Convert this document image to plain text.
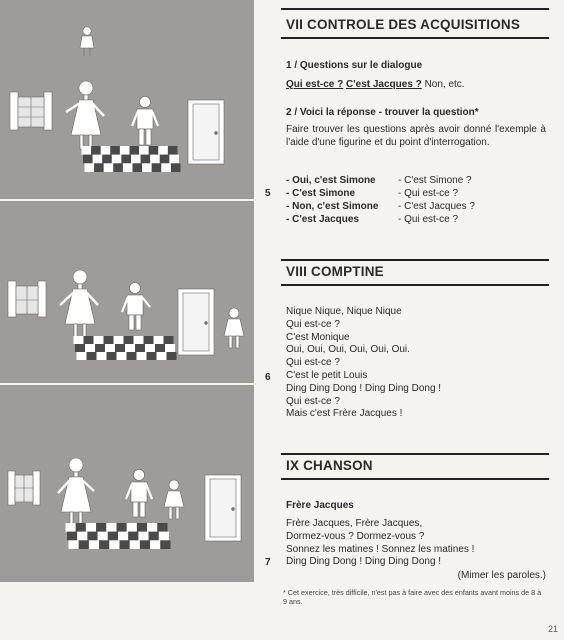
VII CONTROLE DES ACQUISITIONS
1 / Questions sur le dialogue
Qui est-ce ? C'est Jacques ? Non, etc.
2 / Voici la réponse - trouver la question*
Faire trouver les questions après avoir donné l'exemple à l'aide d'une figurine et du point d'interrogation.
5
- Oui, c'est Simone - C'est Simone ?
- C'est Simone	- Qui est-ce ?
- Non, c'est Simone - C'est Jacques ?
- C'est Jacques	- Qui est-ce ?
VIII COMPTINE
Nique Nique, Nique Nique
Qui est-ce ?
C'est Monique
Oui, Oui, Oui, Oui, Oui, Oui.
Qui est-ce ?
C'est le petit Louis
Ding Ding Dong ! Ding Ding Dong !
Qui est-ce ?
Mais c'est Frère Jacques !
6
IX CHANSON
Frère Jacques
Frère Jacques, Frère Jacques,
Dormez-vous ? Dormez-vous ?
Sonnez les matines ! Sonnez les matines !
Ding Ding Dong ! Ding Ding Dong !
7
(Mimer les paroles.)
* Cet exercice, très difficile, n'est pas à faire avec des enfants avant moins de 8 à 9 ans.
21
